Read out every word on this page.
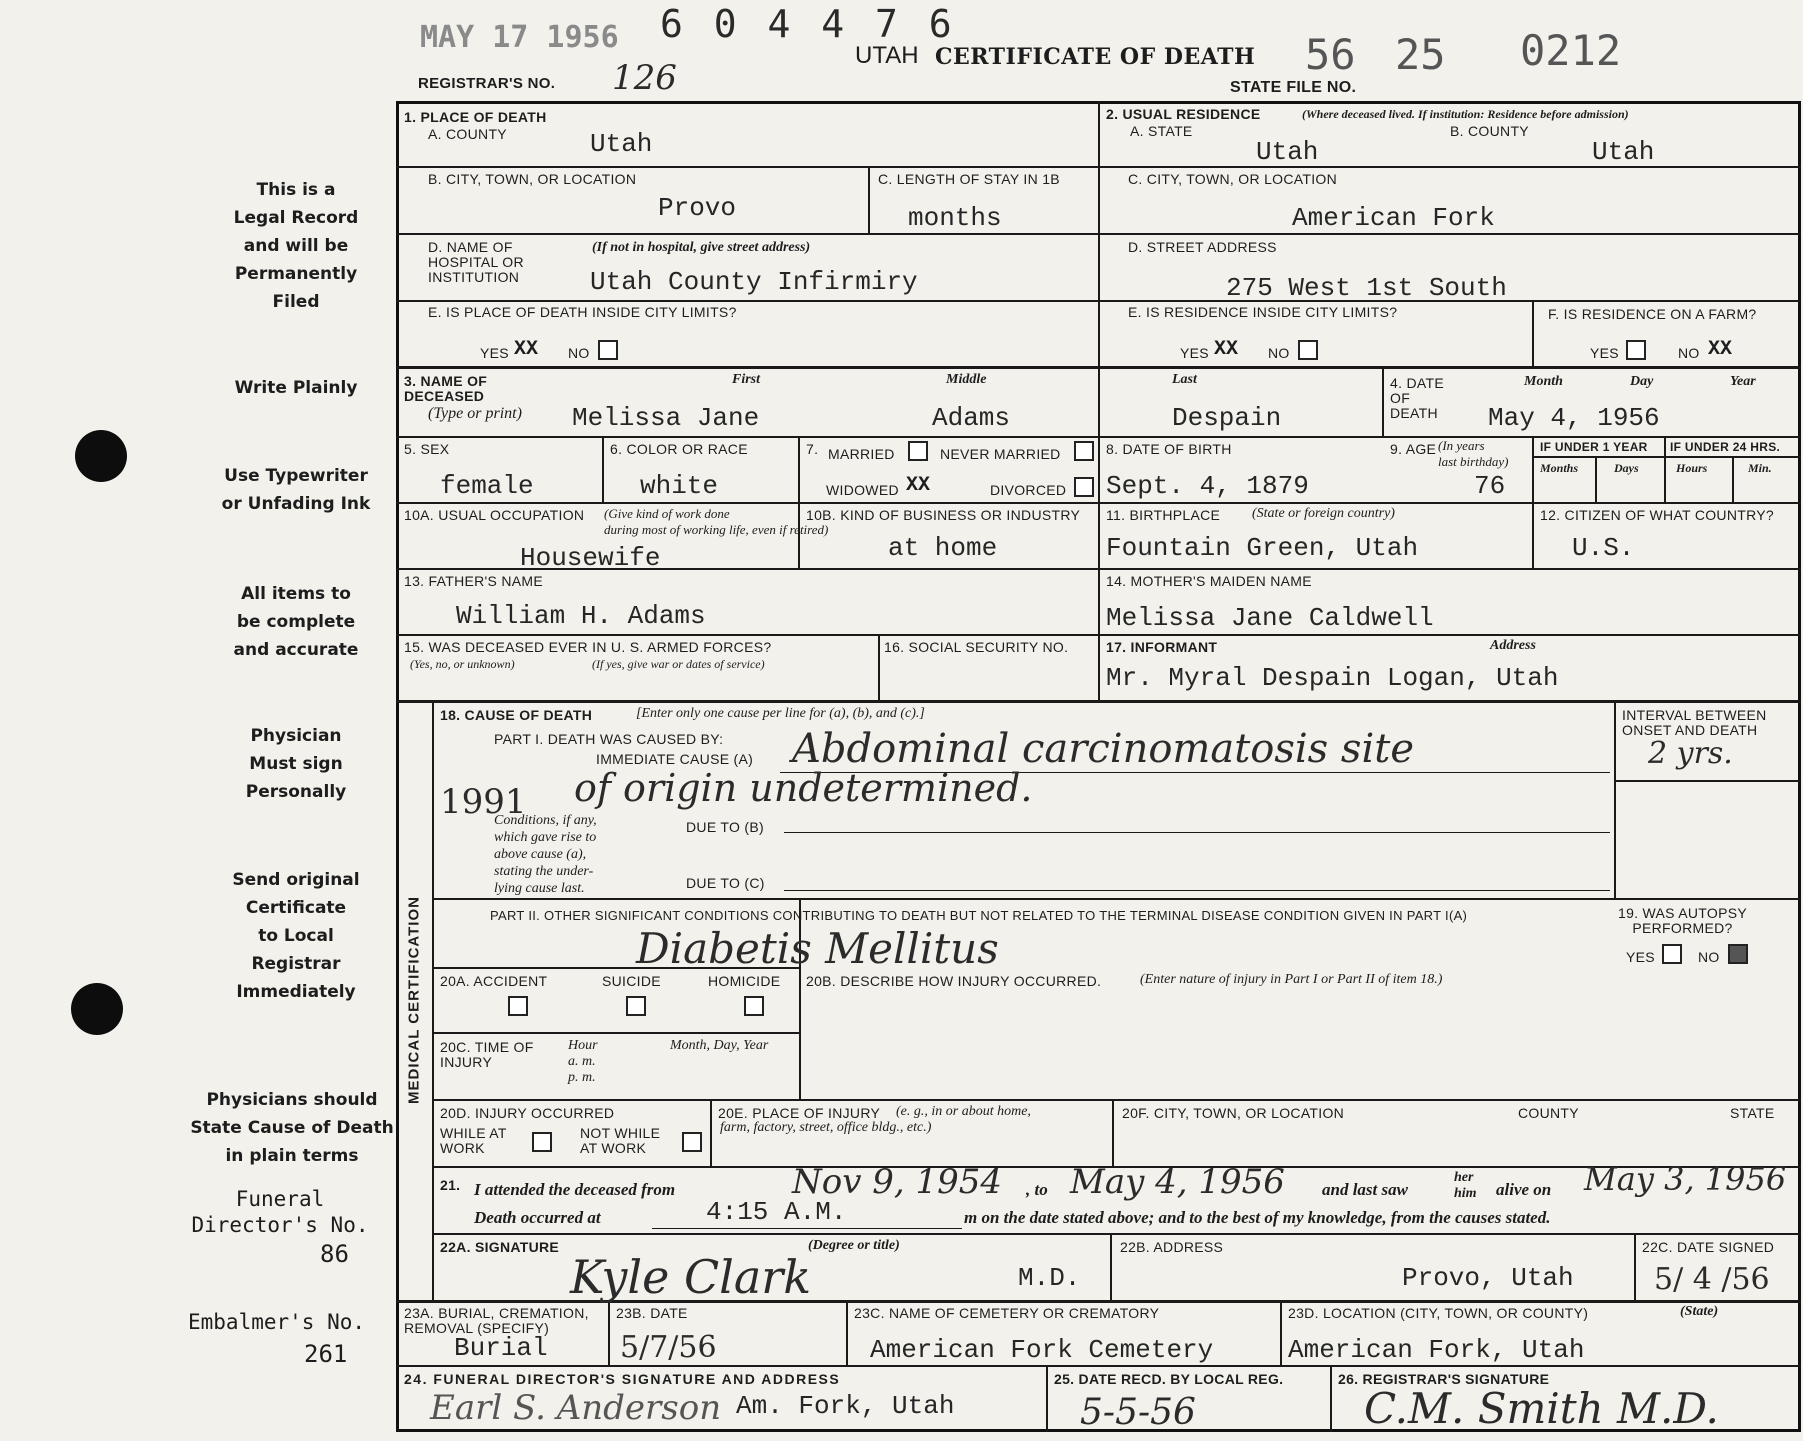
MAY 17 1956 6 0 4 4 7 6
REGISTRAR'S NO. 126
UTAH CERTIFICATE OF DEATH 56 25 0212
STATE FILE NO.
This is a
Legal Record
and will be
Permanently
Filed
Write Plainly
Use Typewriter
or Unfading Ink
All items to
be complete
and accurate
Physician
Must sign
Personally
Send original
Certificate
to Local
Registrar
Immediately
Physicians should
State Cause of Death
in plain terms
Funeral
Director's No.
86
Embalmer's No.
261
1. PLACE OF DEATH
A. COUNTY	Utah
2. USUAL RESIDENCE	(Where deceased lived. If institution: Residence before admission)
A. STATE
Utah
B. COUNTY
Utah
B. CITY, TOWN, OR LOCATION
Provo
C. LENGTH OF STAY IN 1B
months
C. CITY, TOWN, OR LOCATION
American Fork
D. NAME OF
HOSPITAL OR
INSTITUTION
(If not in hospital, give street address)
Utah County Infirmiry
D. STREET ADDRESS
275 West 1st South
E. IS PLACE OF DEATH INSIDE CITY LIMITS?
YES XX NO
E. IS RESIDENCE INSIDE CITY LIMITS?
YES XX NO
F. IS RESIDENCE ON A FARM?
YES	NO XX
3. NAME OF
DECEASED
(Type or print)
First	Middle	Last
Melissa Jane	Adams	Despain
4. DATE
OF
DEATH
Month	Day	Year
May 4, 1956
5. SEX
female
6. COLOR OR RACE
white
7. MARRIED	NEVER MARRIED
WIDOWED XX	DIVORCED
8. DATE OF BIRTH
Sept. 4, 1879
9. AGE (In years
last birthday)
76
IF UNDER 1 YEAR IF UNDER 24 HRS.
Months	Days	Hours	Min.
10A. USUAL OCCUPATION	(Give kind of work done
during most of working life, even if retired)
Housewife
10B. KIND OF BUSINESS OR INDUSTRY
at home
11. BIRTHPLACE (State or foreign country)
Fountain Green, Utah
12. CITIZEN OF WHAT COUNTRY?
U.S.
13. FATHER'S NAME
William H. Adams
14. MOTHER'S MAIDEN NAME
Melissa Jane Caldwell
15. WAS DECEASED EVER IN U. S. ARMED FORCES?
(Yes, no, or unknown)	(If yes, give war or dates of service)
16. SOCIAL SECURITY NO.	17. INFORMANT	Address
Mr. Myral Despain Logan, Utah
MEDICAL CERTIFICATION
18. CAUSE OF DEATH	[Enter only one cause per line for (a), (b), and (c).]
PART I. DEATH WAS CAUSED BY:
IMMEDIATE CAUSE (A) Abdominal carcinomatosis site
of origin undetermined.
1991
Conditions, if any,
which gave rise to
above cause (a),
stating the under-
lying cause last.
DUE TO (B)
DUE TO (C)
INTERVAL BETWEEN
ONSET AND DEATH
2 yrs.
PART II. OTHER SIGNIFICANT CONDITIONS CONTRIBUTING TO DEATH BUT NOT RELATED TO THE TERMINAL DISEASE CONDITION GIVEN IN PART I(A)
Diabetis Mellitus
19. WAS AUTOPSY
PERFORMED?
YES	NO
20A. ACCIDENT	SUICIDE	HOMICIDE 20B. DESCRIBE HOW INJURY OCCURRED.	(Enter nature of injury in Part I or Part II of item 18.)
20C. TIME OF
INJURY
Hour
a. m.
p. m.
Month, Day, Year
20D. INJURY OCCURRED
WHILE AT
WORK
NOT WHILE
AT WORK
20E. PLACE OF INJURY	(e. g., in or about home,
farm, factory, street, office bldg., etc.)
20F. CITY, TOWN, OR LOCATION	COUNTY	STATE
21. I attended the deceased from	Nov 9, 1954 , to May 4, 1956 and last saw
her
him alive on May 3, 1956
Death occurred at	4:15 A.M.	m on the date stated above; and to the best of my knowledge, from the causes stated.
22A. SIGNATURE	(Degree or title)
Kyle Clark	M.D.
22B. ADDRESS
Provo, Utah
22C. DATE SIGNED
5/ 4 /56
23A. BURIAL, CREMATION,
REMOVAL (SPECIFY)
Burial
23B. DATE
5/7/56
23C. NAME OF CEMETERY OR CREMATORY
American Fork Cemetery
23D. LOCATION (CITY, TOWN, OR COUNTY)	(State)
American Fork, Utah
24. FUNERAL DIRECTOR'S SIGNATURE AND ADDRESS
Earl S. Anderson Am. Fork, Utah
25. DATE RECD. BY LOCAL REG.
5-5-56
26. REGISTRAR'S SIGNATURE
C.M. Smith M.D.
